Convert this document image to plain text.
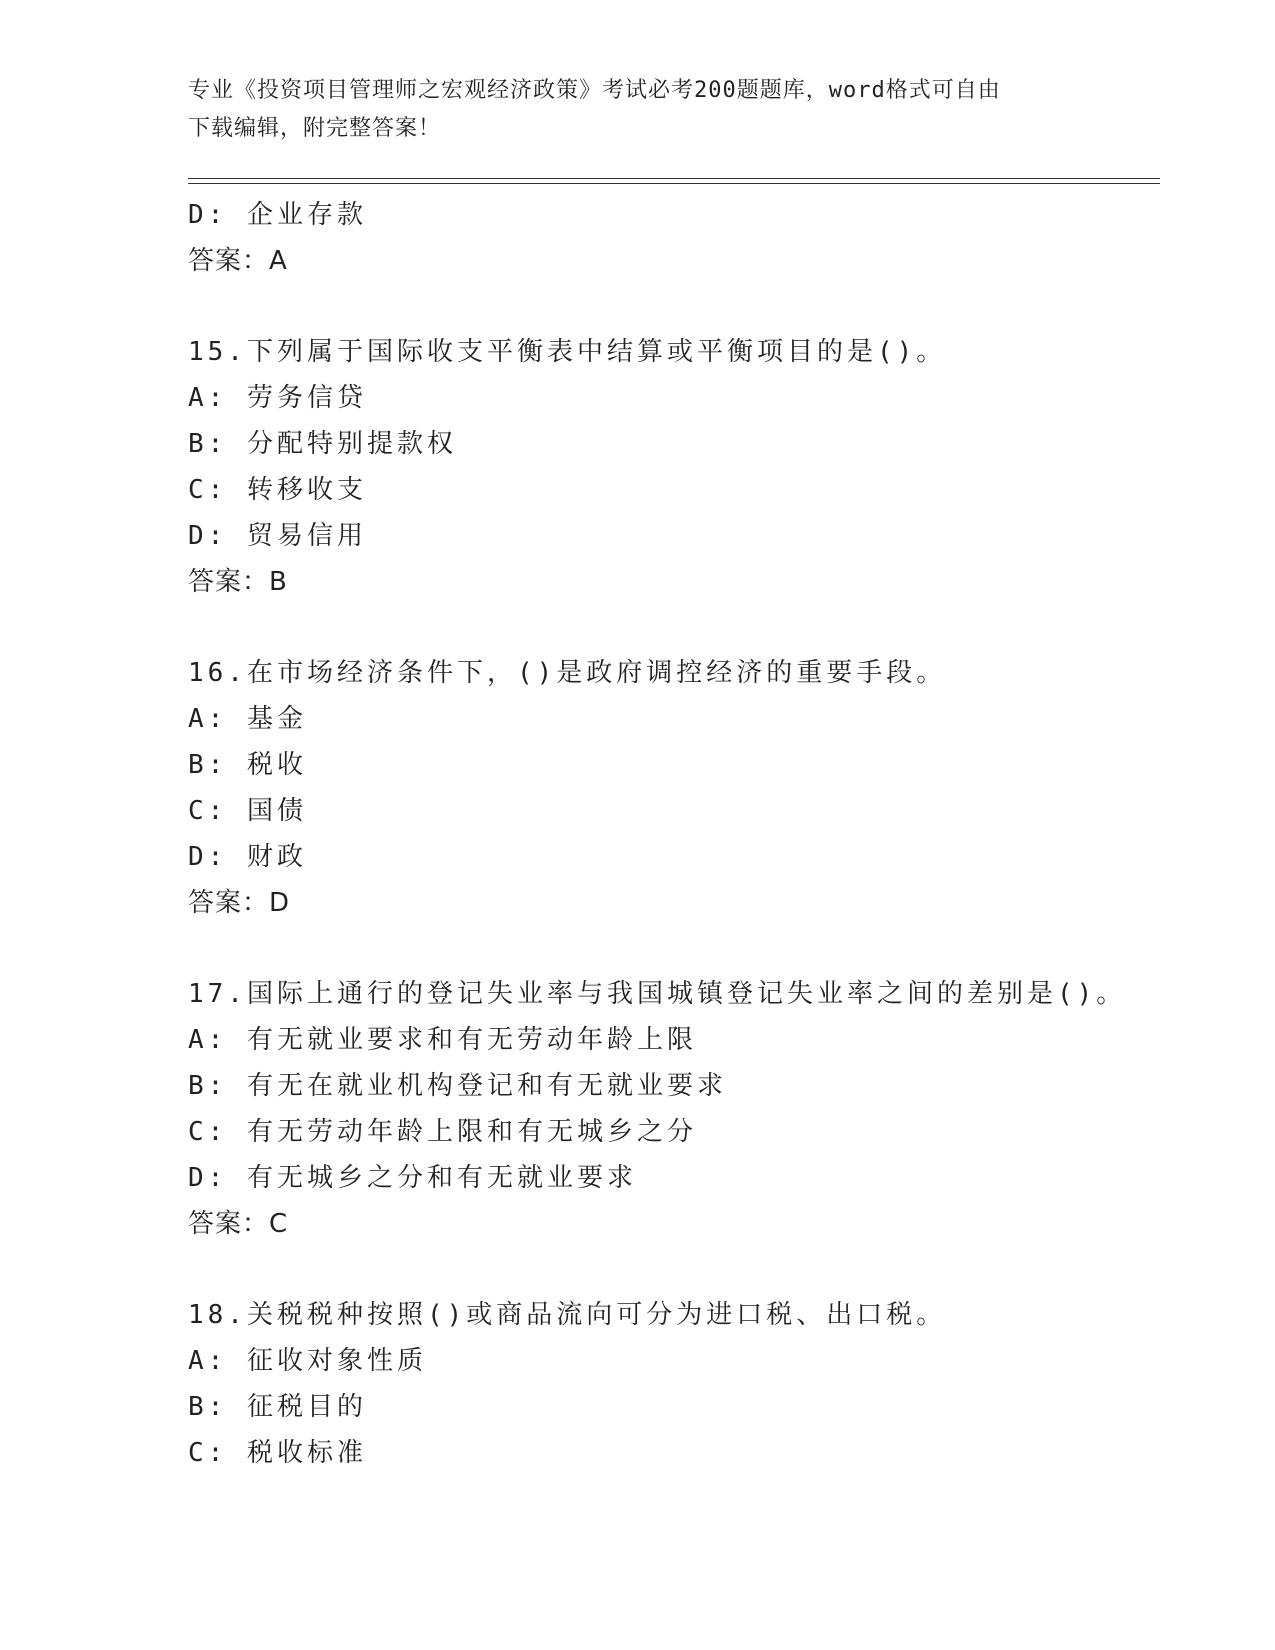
专业《投资项目管理师之宏观经济政策》考试必考200题题库，word格式可自由
下载编辑，附完整答案！
D: 企业存款
答案：A
15.下列属于国际收支平衡表中结算或平衡项目的是()。
A: 劳务信贷
B: 分配特别提款权
C: 转移收支
D: 贸易信用
答案：B
16.在市场经济条件下，()是政府调控经济的重要手段。
A: 基金
B: 税收
C: 国债
D: 财政
答案：D
17.国际上通行的登记失业率与我国城镇登记失业率之间的差别是()。
A: 有无就业要求和有无劳动年龄上限
B: 有无在就业机构登记和有无就业要求
C: 有无劳动年龄上限和有无城乡之分
D: 有无城乡之分和有无就业要求
答案：C
18.关税税种按照()或商品流向可分为进口税、出口税。
A: 征收对象性质
B: 征税目的
C: 税收标准
